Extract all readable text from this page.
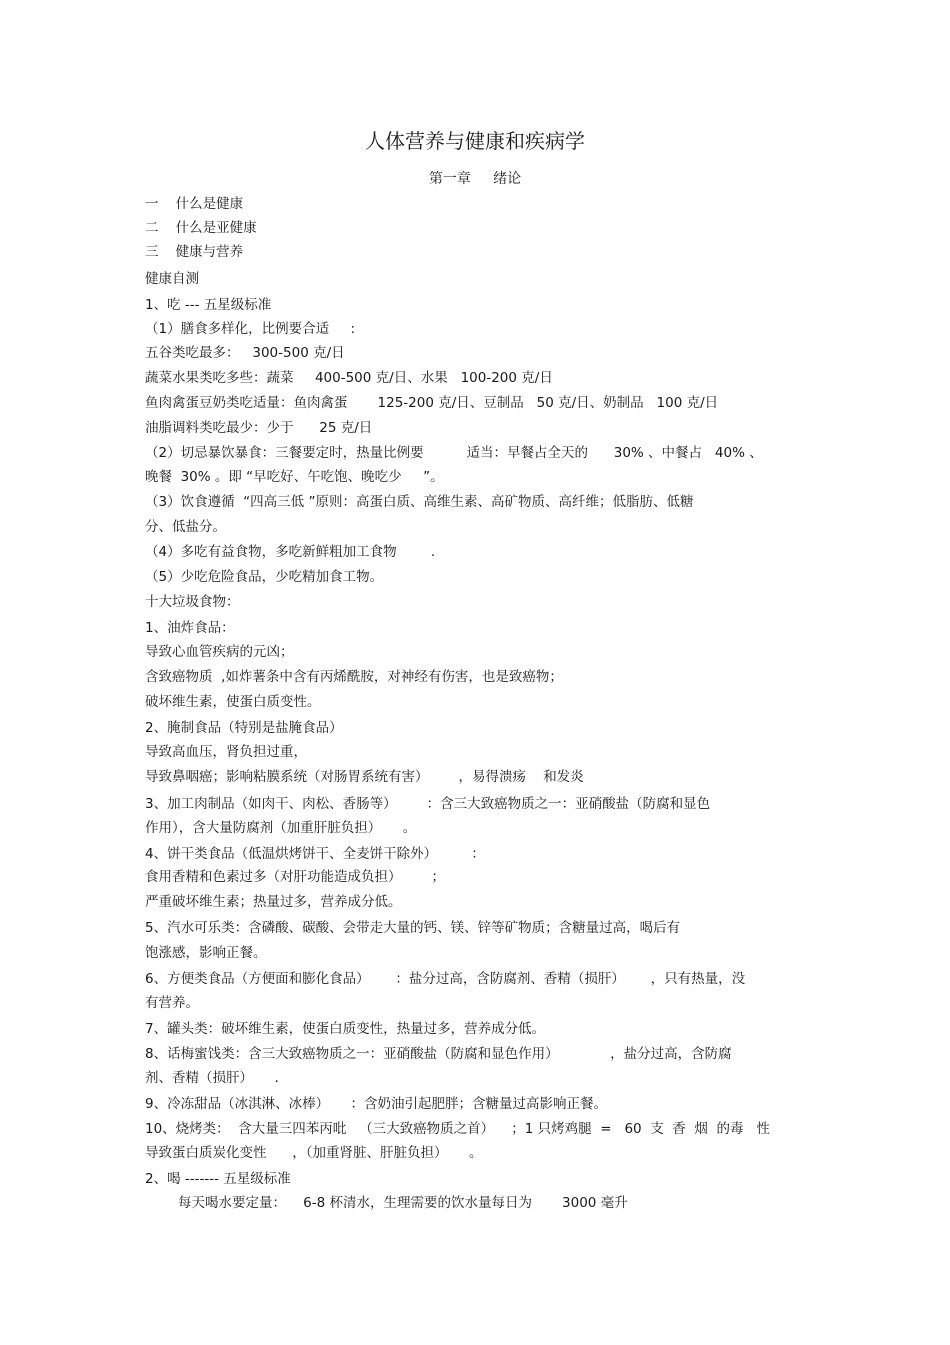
人体营养与健康和疾病学
第一章     绪论
一    什么是健康
二    什么是亚健康
三    健康与营养
健康自测
1、吃 --- 五星级标准
（1）膳食多样化，比例要合适     :
五谷类吃最多：   300-500 克/日
蔬菜水果类吃多些：蔬菜     400-500 克/日、水果   100-200 克/日
鱼肉禽蛋豆奶类吃适量：鱼肉禽蛋       125-200 克/日、豆制品   50 克/日、奶制品   100 克/日
油脂调料类吃最少：少于      25 克/日
（2）切忌暴饮暴食：三餐要定时，热量比例要          适当：早餐占全天的      30% 、中餐占   40% 、
晚餐  30% 。即 “早吃好、午吃饱、晚吃少     ”。
（3）饮食遵循  “四高三低 ”原则：高蛋白质、高维生素、高矿物质、高纤维；低脂肪、低糖
分、低盐分。
（4）多吃有益食物，多吃新鲜粗加工食物        .
（5）少吃危险食品，少吃精加食工物。
十大垃圾食物：
1、油炸食品：
导致心血管疾病的元凶；
含致癌物质  ,如炸薯条中含有丙烯酰胺，对神经有伤害，也是致癌物；
破坏维生素，使蛋白质变性。
2、腌制食品（特别是盐腌食品）
导致高血压，肾负担过重，
导致鼻咽癌；影响粘膜系统（对肠胃系统有害）       ，易得溃疡    和发炎
3、加工肉制品（如肉干、肉松、香肠等）       ：含三大致癌物质之一：亚硝酸盐（防腐和显色
作用），含大量防腐剂（加重肝脏负担）     。
4、饼干类食品（低温烘烤饼干、全麦饼干除外）        ：
食用香精和色素过多（对肝功能造成负担）       ；
严重破坏维生素；热量过多，营养成分低。
5、汽水可乐类：含磷酸、碳酸、会带走大量的钙、镁、锌等矿物质；含糖量过高，喝后有
饱涨感，影响正餐。
6、方便类食品（方便面和膨化食品）      ：盐分过高，含防腐剂、香精（损肝）      ，只有热量，没
有营养。
7、罐头类：破坏维生素，使蛋白质变性，热量过多，营养成分低。
8、话梅蜜饯类：含三大致癌物质之一：亚硝酸盐（防腐和显色作用）            ，盐分过高，含防腐
剂、香精（损肝）     .
9、冷冻甜品（冰淇淋、冰棒）     ：含奶油引起肥胖；含糖量过高影响正餐。
10、烧烤类：  含大量三四苯丙吡   （三大致癌物质之首）    ；1 只烤鸡腿  =   60  支  香  烟  的毒   性
导致蛋白质炭化变性      ，（加重肾脏、肝脏负担）     。
2、喝 ------- 五星级标准
每天喝水要定量：    6-8 杯清水，生理需要的饮水量每日为       3000 毫升
